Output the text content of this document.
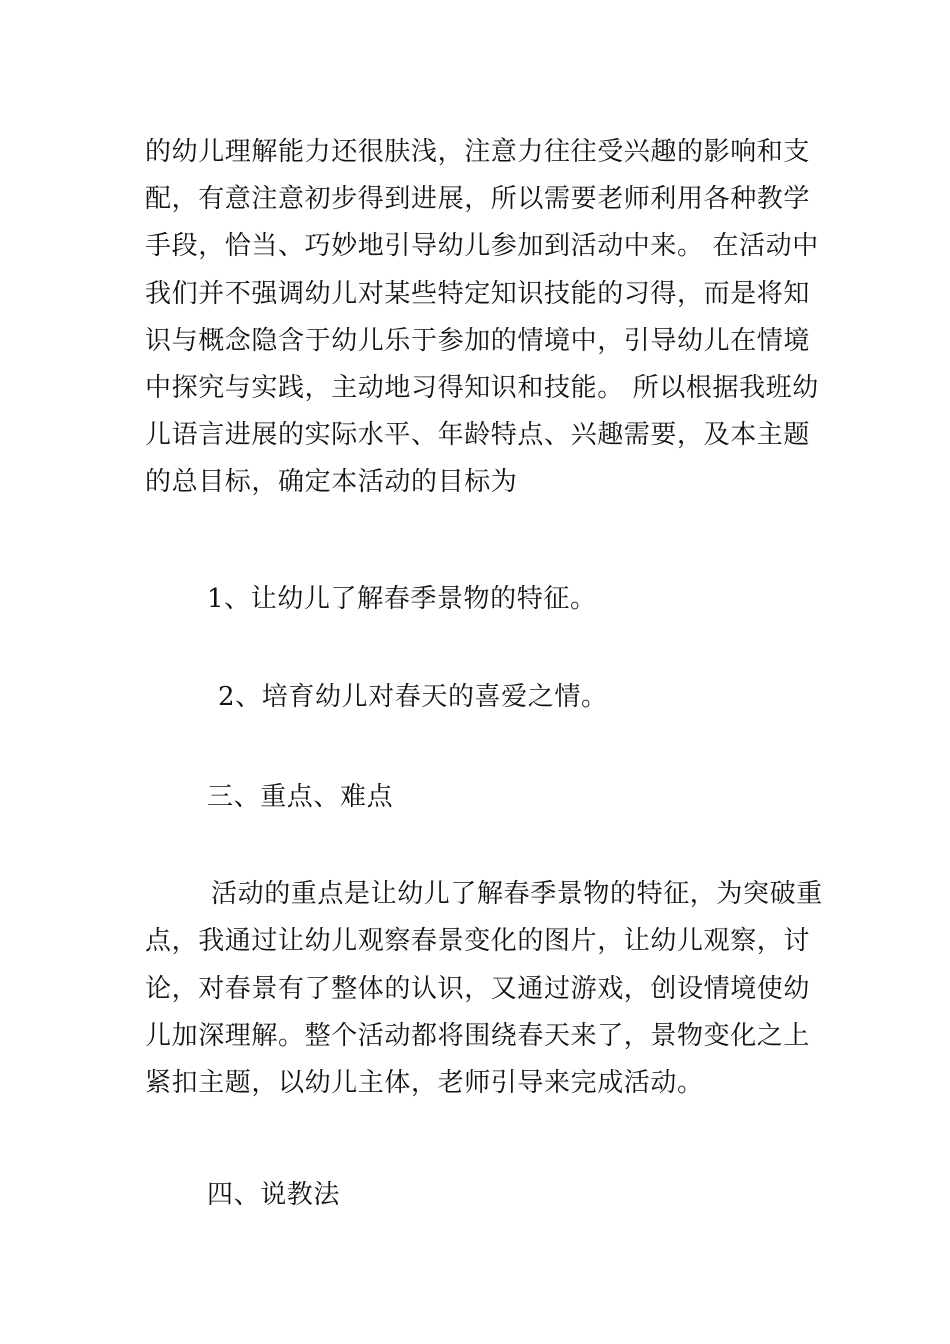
的幼儿理解能力还很肤浅，注意力往往受兴趣的影响和支
配，有意注意初步得到进展，所以需要老师利用各种教学
手段，恰当、巧妙地引导幼儿参加到活动中来。 在活动中
我们并不强调幼儿对某些特定知识技能的习得，而是将知
识与概念隐含于幼儿乐于参加的情境中，引导幼儿在情境
中探究与实践，主动地习得知识和技能。 所以根据我班幼
儿语言进展的实际水平、年龄特点、兴趣需要，及本主题
的总目标，确定本活动的目标为
1、让幼儿了解春季景物的特征。
2、培育幼儿对春天的喜爱之情。
三、重点、难点
活动的重点是让幼儿了解春季景物的特征，为突破重
点，我通过让幼儿观察春景变化的图片，让幼儿观察，讨
论，对春景有了整体的认识，又通过游戏，创设情境使幼
儿加深理解。整个活动都将围绕春天来了，景物变化之上
紧扣主题，以幼儿主体，老师引导来完成活动。
四、说教法
